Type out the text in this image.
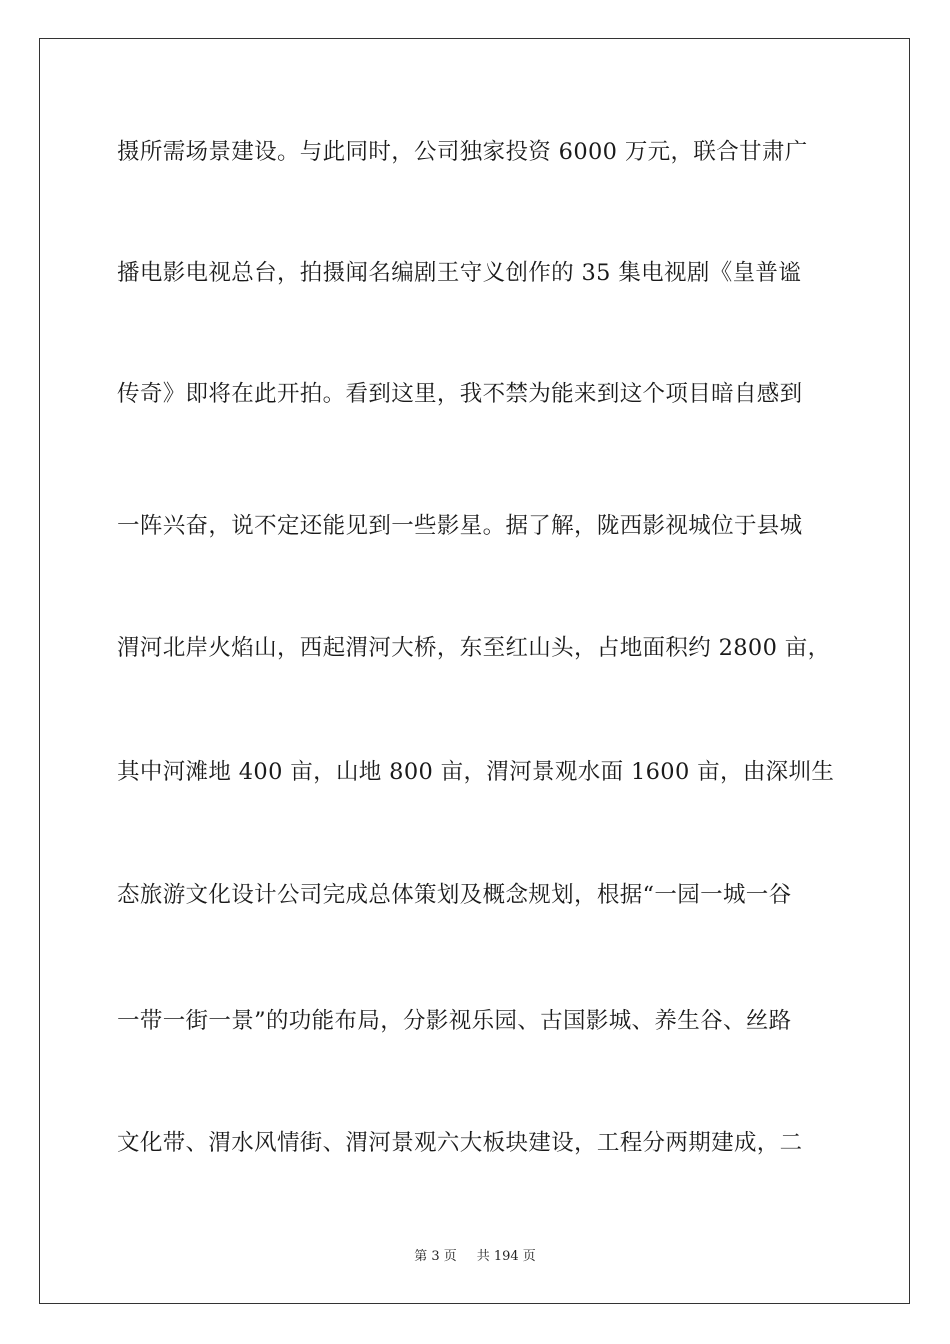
摄所需场景建设。与此同时，公司独家投资 6000 万元，联合甘肃广
播电影电视总台，拍摄闻名编剧王守义创作的 35 集电视剧《皇普谧
传奇》即将在此开拍。看到这里，我不禁为能来到这个项目暗自感到
一阵兴奋，说不定还能见到一些影星。据了解，陇西影视城位于县城
渭河北岸火焰山，西起渭河大桥，东至红山头，占地面积约 2800 亩，
其中河滩地 400 亩，山地 800 亩，渭河景观水面 1600 亩，由深圳生
态旅游文化设计公司完成总体策划及概念规划，根据“一园一城一谷
一带一街一景”的功能布局，分影视乐园、古国影城、养生谷、丝路
文化带、渭水风情街、渭河景观六大板块建设，工程分两期建成，二
第 3 页 共 194 页
